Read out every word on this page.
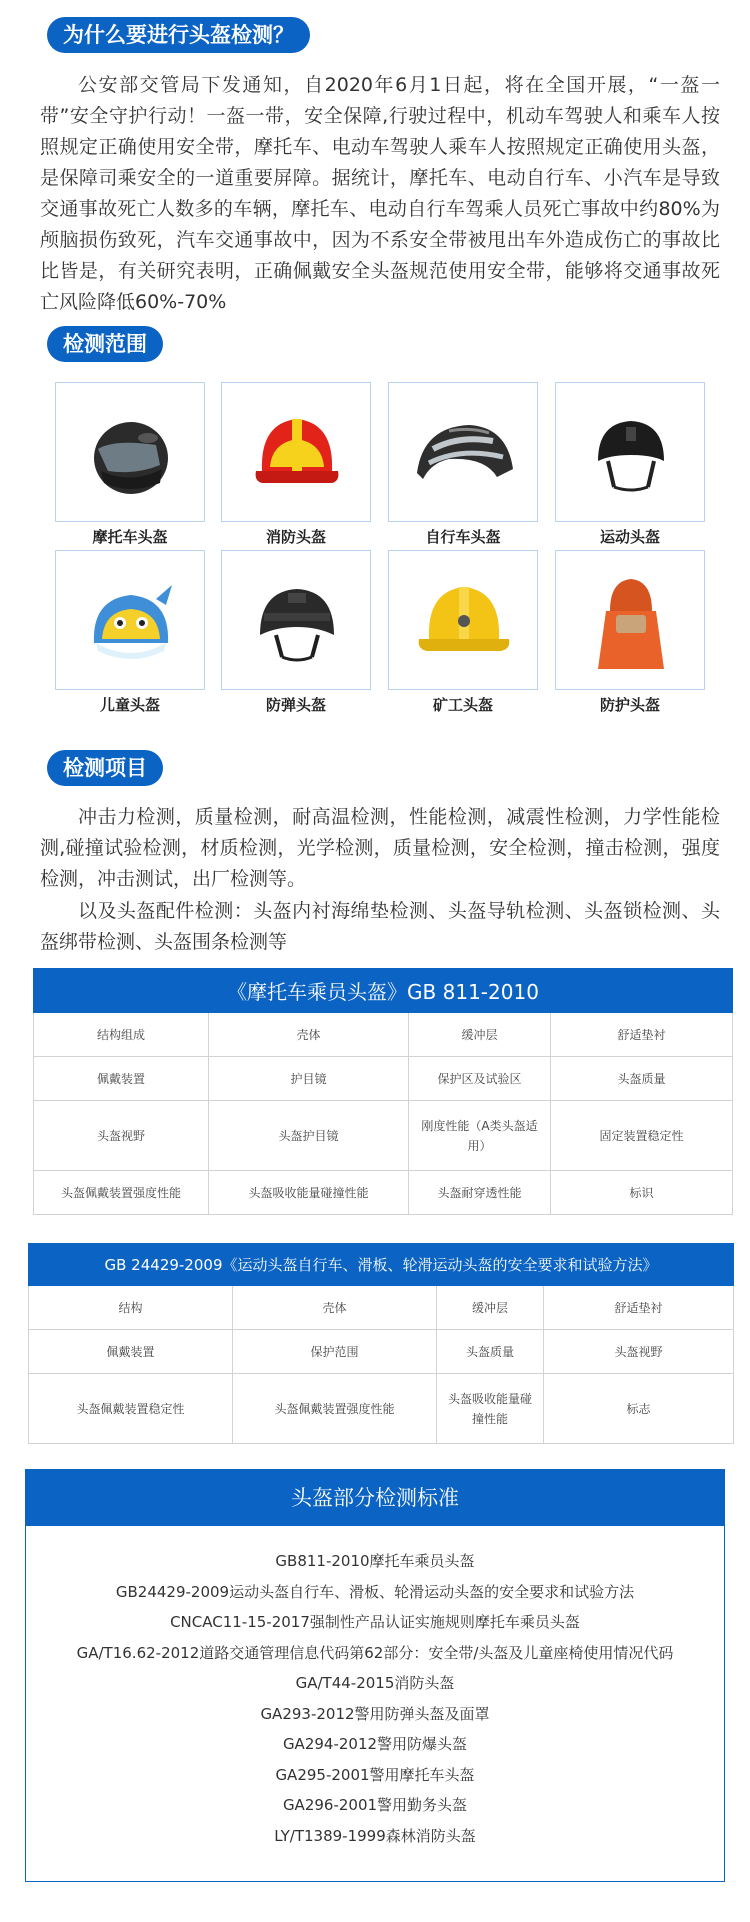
为什么要进行头盔检测？

公安部交管局下发通知，自2020年6月1日起，将在全国开展，“一盔一带”安全守护行动！一盔一带，安全保障,行驶过程中，机动车驾驶人和乘车人按照规定正确使用安全带，摩托车、电动车驾驶人乘车人按照规定正确使用头盔，是保障司乘安全的一道重要屏障。据统计，摩托车、电动自行车、小汽车是导致交通事故死亡人数多的车辆，摩托车、电动自行车驾乘人员死亡事故中约80%为颅脑损伤致死，汽车交通事故中，因为不系安全带被甩出车外造成伤亡的事故比比皆是，有关研究表明，正确佩戴安全头盔规范使用安全带，能够将交通事故死亡风险降低60%-70%

检测范围
摩托车头盔	消防头盔	自行车头盔	运动头盔
儿童头盔	防弹头盔	矿工头盔	防护头盔
检测项目

冲击力检测，质量检测，耐高温检测，性能检测，减震性检测，力学性能检测,碰撞试验检测，材质检测，光学检测，质量检测，安全检测，撞击检测，强度检测，冲击测试，出厂检测等。

以及头盔配件检测：头盔内衬海绵垫检测、头盔导轨检测、头盔锁检测、头盔绑带检测、头盔围条检测等

《摩托车乘员头盔》GB 811-2010			
结构组成	壳体	缓冲层	舒适垫衬
佩戴装置	护目镜	保护区及试验区	头盔质量
头盔视野	头盔护目镜	刚度性能（A类头盔适用）	固定装置稳定性
头盔佩戴装置强度性能	头盔吸收能量碰撞性能	头盔耐穿透性能	标识
GB 24429-2009《运动头盔自行车、滑板、轮滑运动头盔的安全要求和试验方法》			
结构	壳体	缓冲层	舒适垫衬
佩戴装置	保护范围	头盔质量	头盔视野
头盔佩戴装置稳定性	头盔佩戴装置强度性能	头盔吸收能量碰撞性能	标志
头盔部分检测标准
GB811-2010摩托车乘员头盔
GB24429-2009运动头盔自行车、滑板、轮滑运动头盔的安全要求和试验方法
CNCAC11-15-2017强制性产品认证实施规则摩托车乘员头盔
GA/T16.62-2012道路交通管理信息代码第62部分：安全带/头盔及儿童座椅使用情况代码
GA/T44-2015消防头盔
GA293-2012警用防弹头盔及面罩
GA294-2012警用防爆头盔
GA295-2001警用摩托车头盔
GA296-2001警用勤务头盔
LY/T1389-1999森林消防头盔
